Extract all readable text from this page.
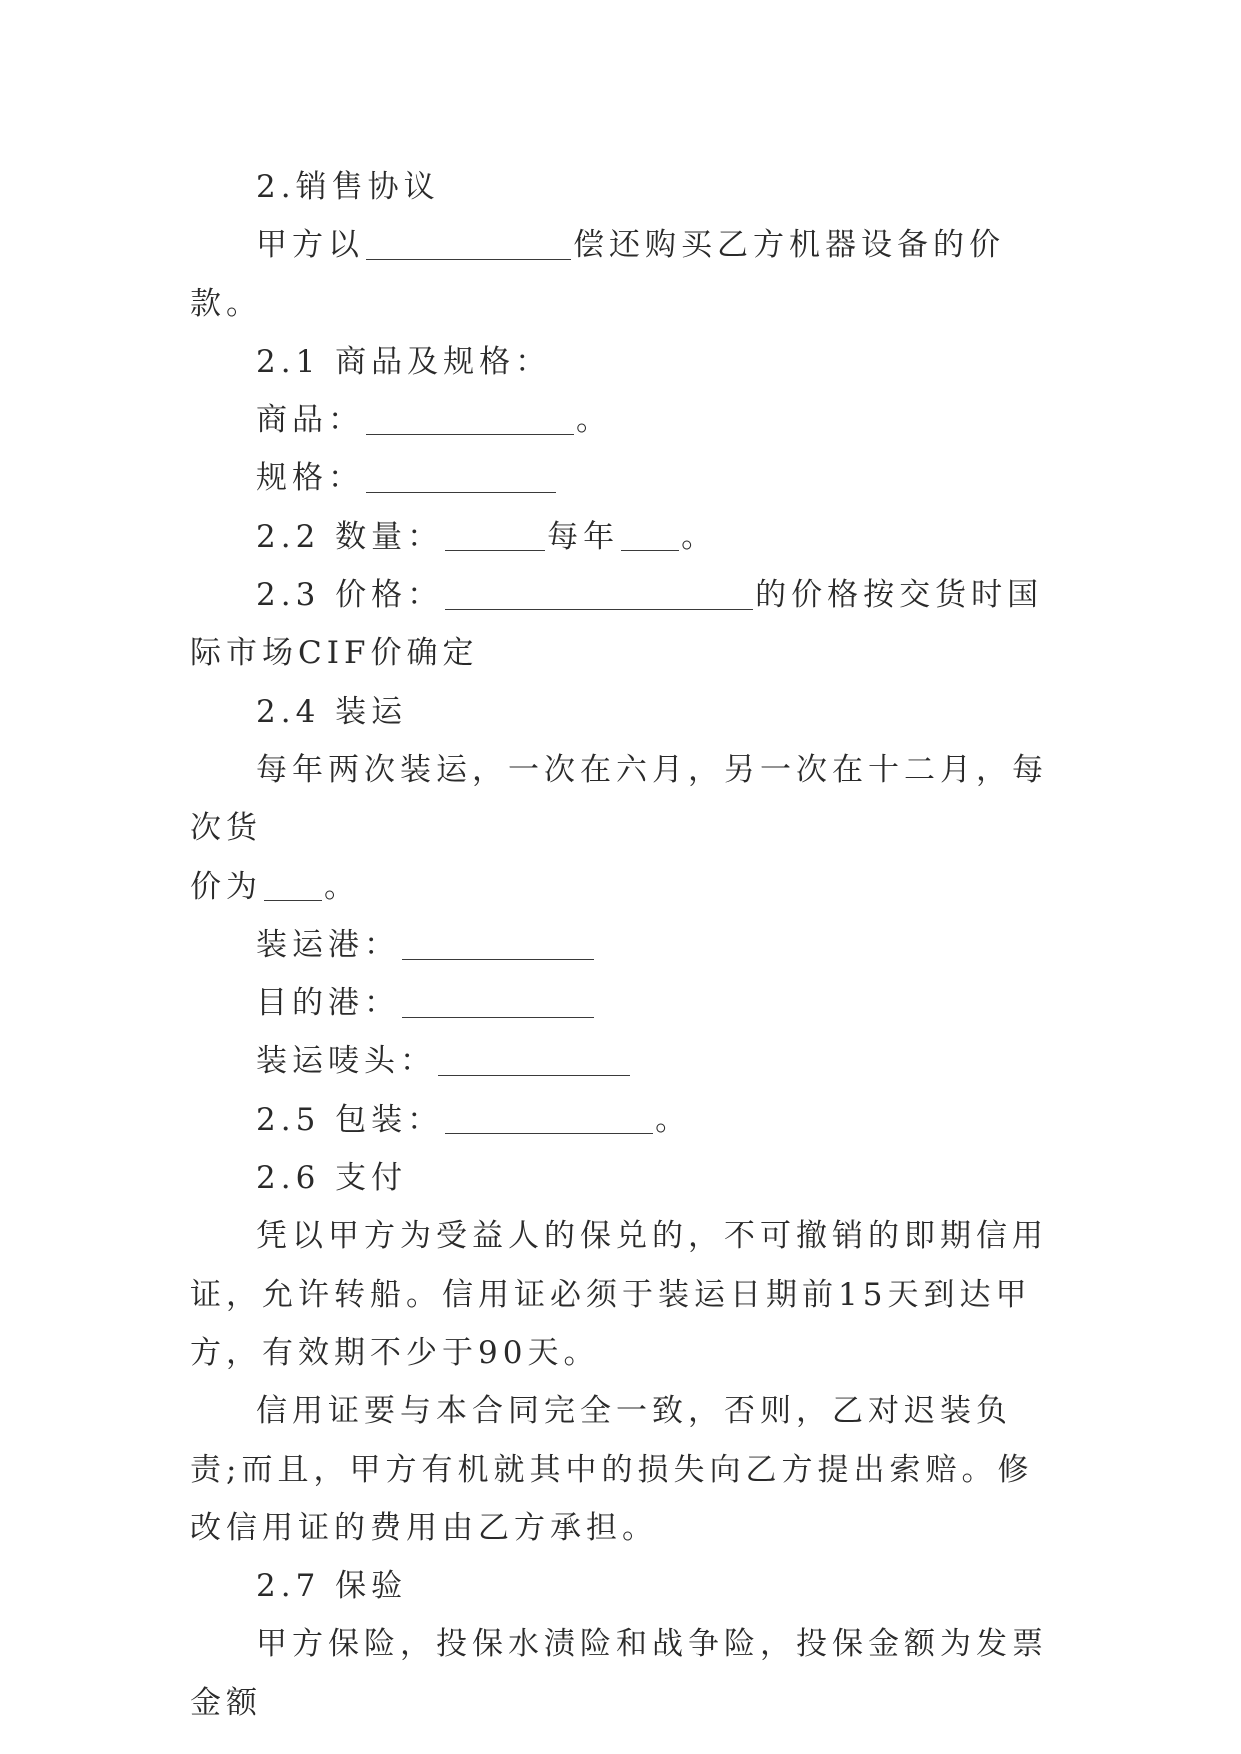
2.销售协议

甲方以	偿还购买乙方机器设备的价款。

2.1 商品及规格：

商品：	。

规格：

2.2 数量：	每年 。

2.3 价格：	的价格按交货时国

际市场CIF价确定

2.4 装运

每年两次装运，一次在六月，另一次在十二月，每次货

价为 。

装运港：

目的港：

装运唛头：

2.5 包装：	。

2.6 支付

凭以甲方为受益人的保兑的，不可撤销的即期信用证，允许转船。信用证必须于装运日期前15天到达甲方，有效期不少于90天。

信用证要与本合同完全一致，否则，乙对迟装负责;而且，甲方有机就其中的损失向乙方提出索赔。修改信用证的费用由乙方承担。

2.7 保验

甲方保险，投保水渍险和战争险，投保金额为发票金额
